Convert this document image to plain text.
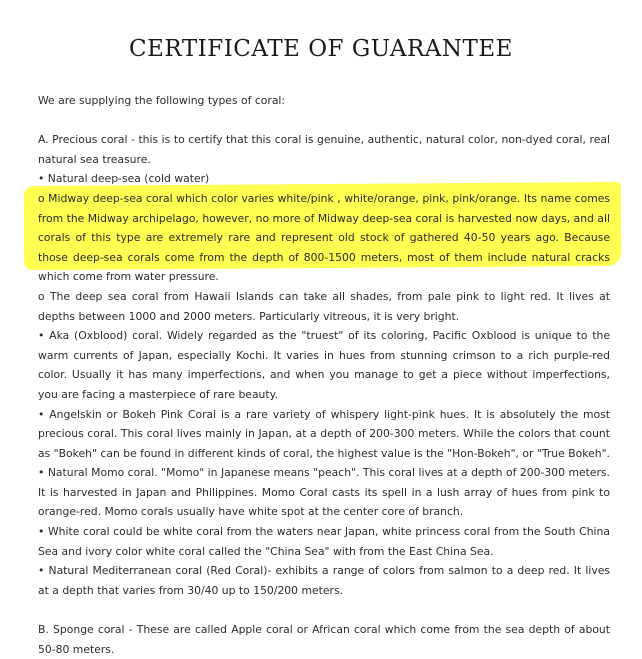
CERTIFICATE OF GUARANTEE

We are supplying the following types of coral:

A. Precious coral - this is to certify that this coral is genuine, authentic, natural color, non-dyed coral, real natural sea treasure.

• Natural deep-sea (cold water)

o Midway deep-sea coral which color varies white/pink , white/orange, pink, pink/orange. Its name comes from the Midway archipelago, however, no more of Midway deep-sea coral is harvested now days, and all corals of this type are extremely rare and represent old stock of gathered 40-50 years ago. Because those deep-sea corals come from the depth of 800-1500 meters, most of them include natural cracks which come from water pressure.

o The deep sea coral from Hawaii Islands can take all shades, from pale pink to light red. It lives at depths between 1000 and 2000 meters. Particularly vitreous, it is very bright.

• Aka (Oxblood) coral. Widely regarded as the "truest" of its coloring, Pacific Oxblood is unique to the warm currents of Japan, especially Kochi. It varies in hues from stunning crimson to a rich purple-red color. Usually it has many imperfections, and when you manage to get a piece without imperfections, you are facing a masterpiece of rare beauty.

• Angelskin or Bokeh Pink Coral is a rare variety of whispery light-pink hues. It is absolutely the most precious coral. This coral lives mainly in Japan, at a depth of 200-300 meters. While the colors that count as "Bokeh" can be found in different kinds of coral, the highest value is the "Hon-Bokeh", or "True Bokeh".

• Natural Momo coral. "Momo" in Japanese means "peach". This coral lives at a depth of 200-300 meters. It is harvested in Japan and Philippines. Momo Coral casts its spell in a lush array of hues from pink to orange-red. Momo corals usually have white spot at the center core of branch.

• White coral could be white coral from the waters near Japan, white princess coral from the South China Sea and ivory color white coral called the "China Sea" with from the East China Sea.

• Natural Mediterranean coral (Red Coral)- exhibits a range of colors from salmon to a deep red. It lives at a depth that varies from 30/40 up to 150/200 meters.

B. Sponge coral - These are called Apple coral or African coral which come from the sea depth of about 50-80 meters.
